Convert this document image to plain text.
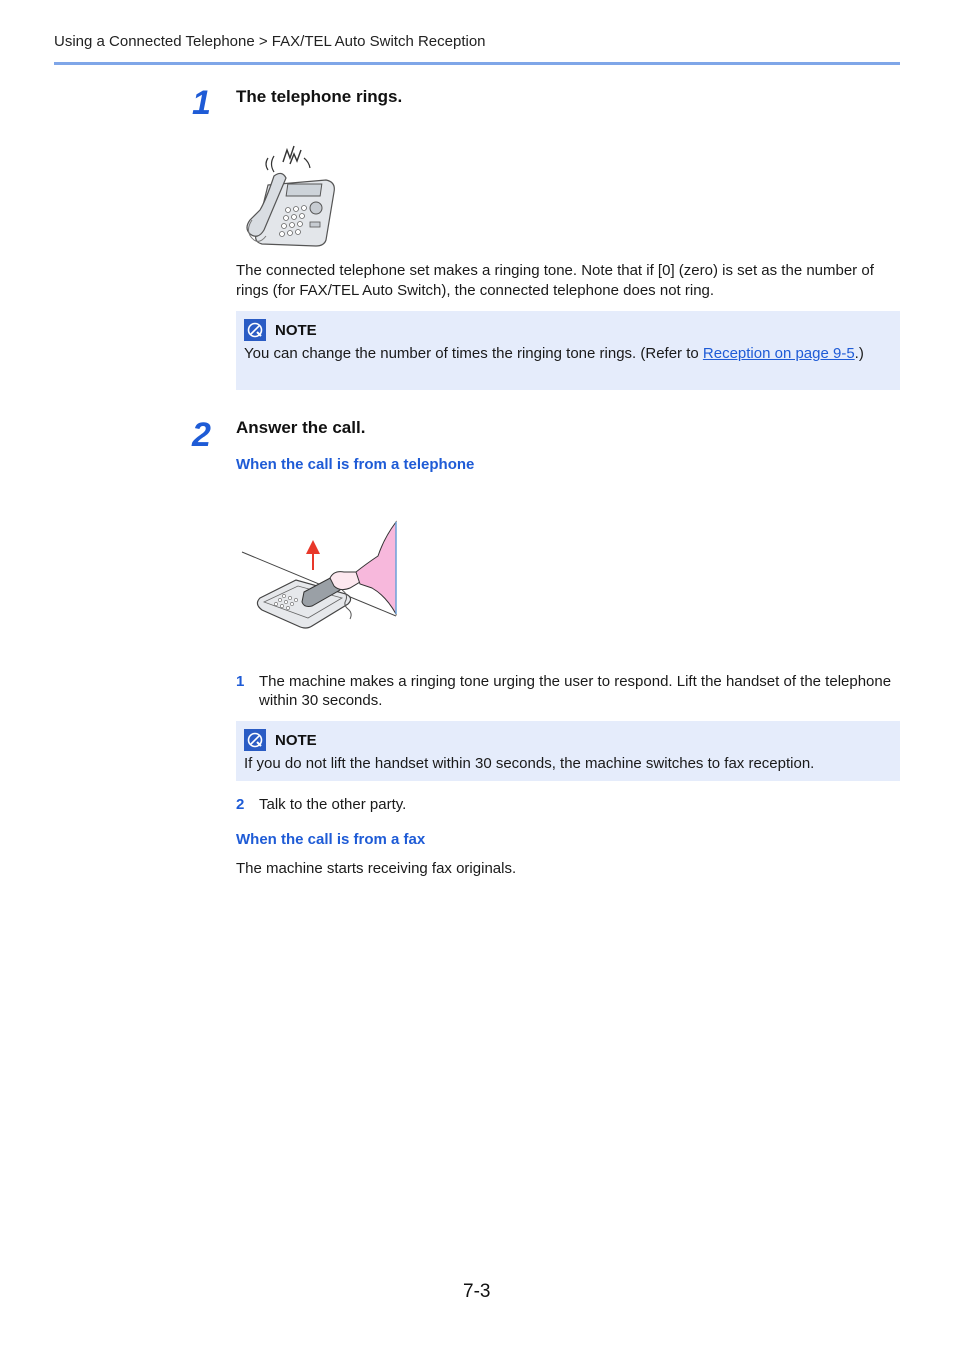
Using a Connected Telephone > FAX/TEL Auto Switch Reception
1 The telephone rings.
The connected telephone set makes a ringing tone. Note that if [0] (zero) is set as the number of rings (for FAX/TEL Auto Switch), the connected telephone does not ring.
NOTE
You can change the number of times the ringing tone rings. (Refer to Reception on page 9-5.)
2 Answer the call.
When the call is from a telephone
1 The machine makes a ringing tone urging the user to respond. Lift the handset of the telephone within 30 seconds.
NOTE
If you do not lift the handset within 30 seconds, the machine switches to fax reception.
2 Talk to the other party.
When the call is from a fax
The machine starts receiving fax originals.
7-3
